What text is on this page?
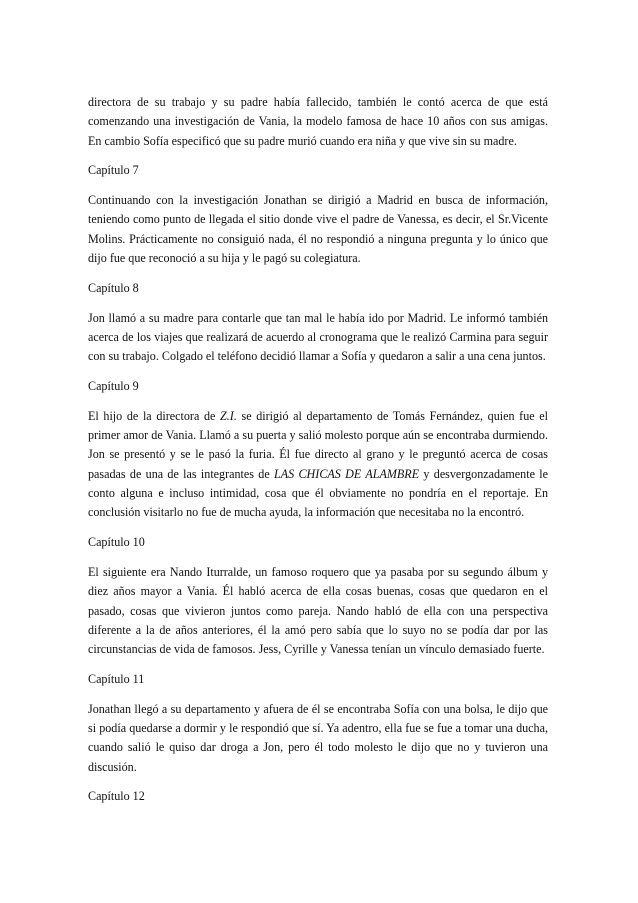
directora de su trabajo y su padre había fallecido, también le contó acerca de que está comenzando una investigación de Vania, la modelo famosa de hace 10 años con sus amigas. En cambio Sofía especificó que su padre murió cuando era niña y que vive sin su madre.

Capítulo 7

Continuando con la investigación Jonathan se dirigió a Madrid en busca de información, teniendo como punto de llegada el sitio donde vive el padre de Vanessa, es decir, el Sr.Vicente Molins. Prácticamente no consiguió nada, él no respondió a ninguna pregunta y lo único que dijo fue que reconoció a su hija y le pagó su colegiatura.

Capítulo 8

Jon llamó a su madre para contarle que tan mal le había ido por Madrid. Le informó también acerca de los viajes que realizará de acuerdo al cronograma que le realizó Carmina para seguir con su trabajo. Colgado el teléfono decidió llamar a Sofía y quedaron a salir a una cena juntos.

Capítulo 9

El hijo de la directora de Z.I. se dirigió al departamento de Tomás Fernández, quien fue el primer amor de Vania. Llamó a su puerta y salió molesto porque aún se encontraba durmiendo. Jon se presentó y se le pasó la furia. Él fue directo al grano y le preguntó acerca de cosas pasadas de una de las integrantes de LAS CHICAS DE ALAMBRE y desvergonzadamente le conto alguna e incluso intimidad, cosa que él obviamente no pondría en el reportaje. En conclusión visitarlo no fue de mucha ayuda, la información que necesitaba no la encontró.

Capítulo 10

El siguiente era Nando Iturralde, un famoso roquero que ya pasaba por su segundo álbum y diez años mayor a Vania. Él habló acerca de ella cosas buenas, cosas que quedaron en el pasado, cosas que vivieron juntos como pareja. Nando habló de ella con una perspectiva diferente a la de años anteriores, él la amó pero sabía que lo suyo no se podía dar por las circunstancias de vida de famosos. Jess, Cyrille y Vanessa tenían un vínculo demasiado fuerte.

Capítulo 11

Jonathan llegó a su departamento y afuera de él se encontraba Sofía con una bolsa, le dijo que si podía quedarse a dormir y le respondió que sí. Ya adentro, ella fue se fue a tomar una ducha, cuando salió le quiso dar droga a Jon, pero él todo molesto le dijo que no y tuvieron una discusión.

Capítulo 12
